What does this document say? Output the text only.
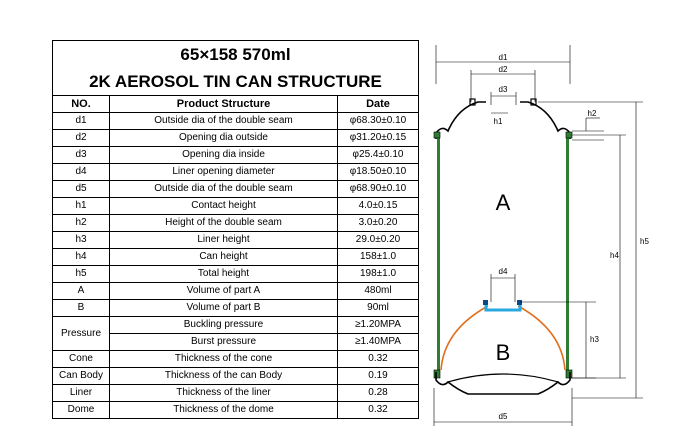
65×158 570ml		
2K AEROSOL TIN CAN STRUCTURE		
NO.	Product Structure	Date
d1	Outside dia of the double seam	φ68.30±0.10
d2	Opening dia outside	φ31.20±0.15
d3	Opening dia inside	φ25.4±0.10
d4	Liner opening diameter	φ18.50±0.10
d5	Outside dia of the double seam	φ68.90±0.10
h1	Contact height	4.0±0.15
h2	Height of the double seam	3.0±0.20
h3	Liner height	29.0±0.20
h4	Can height	158±1.0
h5	Total height	198±1.0
A	Volume of part A	480ml
B	Volume of part B	90ml
Pressure	Buckling pressure	≥1.20MPA
	Burst pressure	≥1.40MPA
Cone	Thickness of the cone	0.32
Can Body	Thickness of the can Body	0.19
Liner	Thickness of the liner	0.28
Dome	Thickness of the dome	0.32
d1
d2
d3
h1
h2
A
d4
B
d5
h3
h4
h5
